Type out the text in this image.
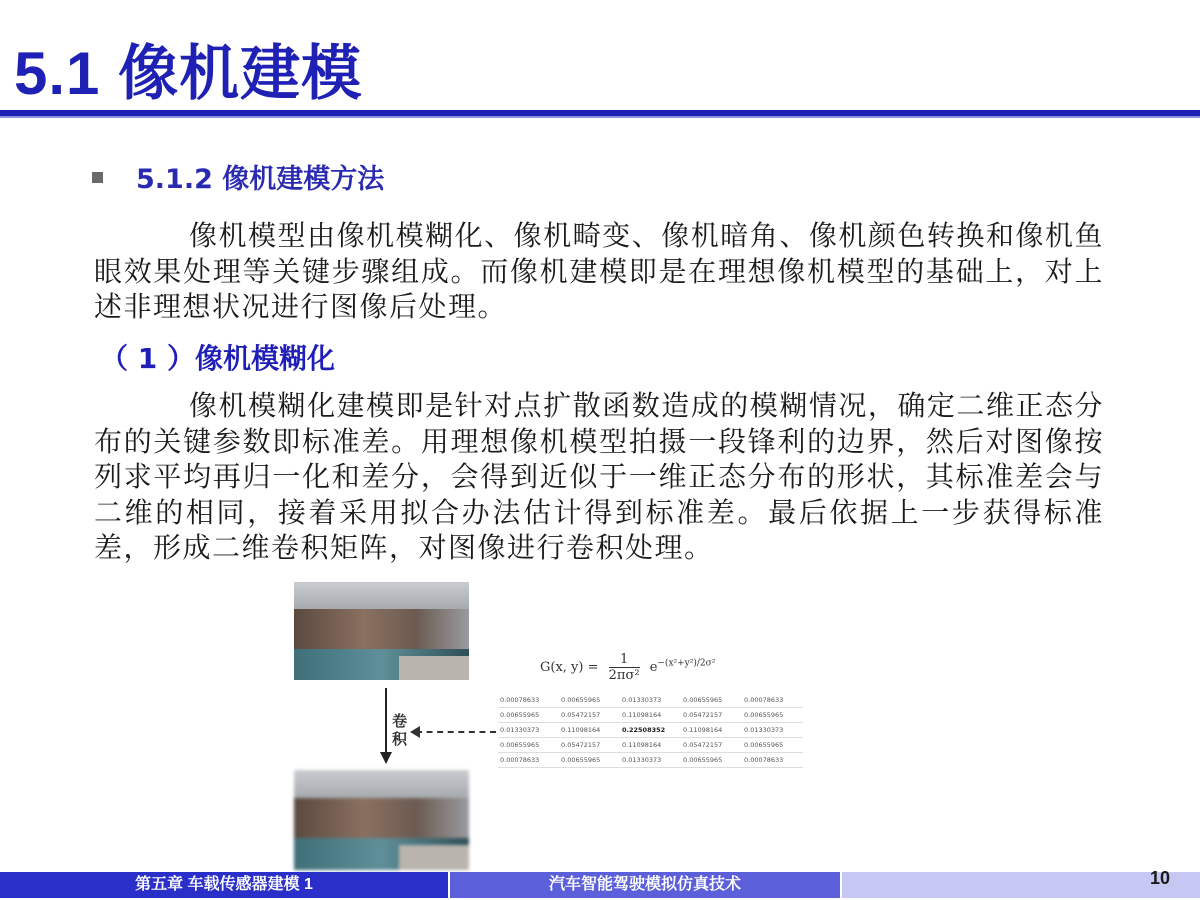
5.1 像机建模
5.1.2 像机建模方法
像机模型由像机模糊化、像机畸变、像机暗角、像机颜色转换和像机鱼眼效果处理等关键步骤组成。而像机建模即是在理想像机模型的基础上，对上述非理想状况进行图像后处理。
（ 1 ）像机模糊化
像机模糊化建模即是针对点扩散函数造成的模糊情况，确定二维正态分布的关键参数即标准差。用理想像机模型拍摄一段锋利的边界，然后对图像按列求平均再归一化和差分，会得到近似于一维正态分布的形状，其标准差会与二维的相同，接着采用拟合办法估计得到标准差。最后依据上一步获得标准差，形成二维卷积矩阵，对图像进行卷积处理。
卷积
G(x, $y) = \frac{1}{\text{2πσ²}} e^{-(x^2+y^2)/2\sigma^2}$
0.00078633	0.00655965	0.01330373	0.00655965	0.00078633
0.00655965	0.05472157	0.11098164	0.05472157	0.00655965
0.01330373	0.11098164	0.22508352	0.11098164	0.01330373
0.00655965	0.05472157	0.11098164	0.05472157	0.00655965
0.00078633	0.00655965	0.01330373	0.00655965	0.00078633
第五章 车载传感器建模 1	汽车智能驾驶模拟仿真技术	10
